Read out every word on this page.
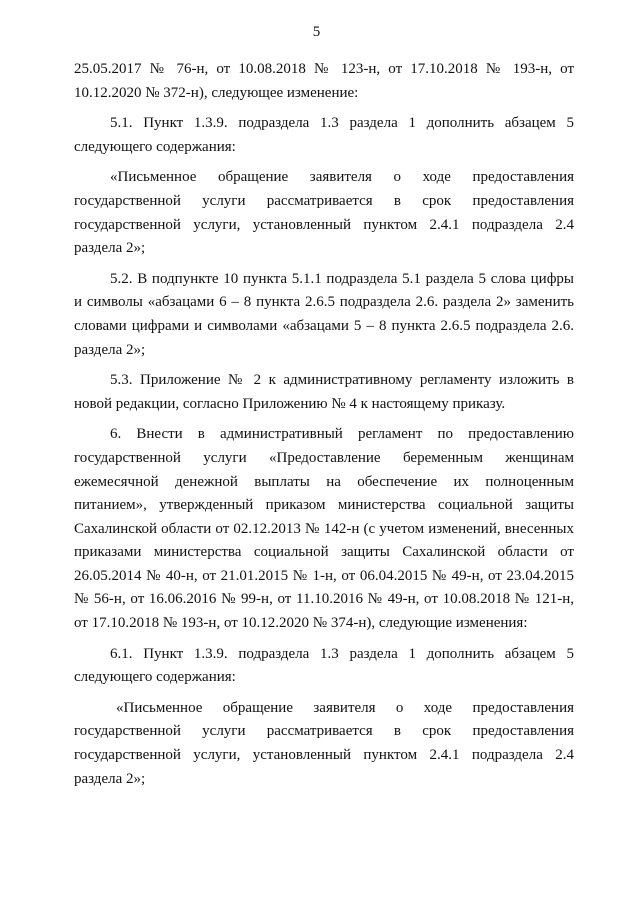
5

25.05.2017 № 76-н, от 10.08.2018 № 123-н, от 17.10.2018 № 193-н, от 10.12.2020 № 372-н), следующее изменение:

5.1. Пункт 1.3.9. подраздела 1.3 раздела 1 дополнить абзацем 5 следующего содержания:

«Письменное обращение заявителя о ходе предоставления государственной услуги рассматривается в срок предоставления государственной услуги, установленный пунктом 2.4.1 подраздела 2.4 раздела 2»;

5.2. В подпункте 10 пункта 5.1.1 подраздела 5.1 раздела 5 слова цифры и символы «абзацами 6 – 8 пункта 2.6.5 подраздела 2.6. раздела 2» заменить словами цифрами и символами «абзацами 5 – 8 пункта 2.6.5 подраздела 2.6. раздела 2»;

5.3. Приложение № 2 к административному регламенту изложить в новой редакции, согласно Приложению № 4 к настоящему приказу.

6. Внести в административный регламент по предоставлению государственной услуги «Предоставление беременным женщинам ежемесячной денежной выплаты на обеспечение их полноценным питанием», утвержденный приказом министерства социальной защиты Сахалинской области от 02.12.2013 № 142-н (с учетом изменений, внесенных приказами министерства социальной защиты Сахалинской области от 26.05.2014 № 40-н, от 21.01.2015 № 1-н, от 06.04.2015 № 49-н, от 23.04.2015 № 56-н, от 16.06.2016 № 99-н, от 11.10.2016 № 49-н, от 10.08.2018 № 121-н, от 17.10.2018 № 193-н, от 10.12.2020 № 374-н), следующие изменения:

6.1. Пункт 1.3.9. подраздела 1.3 раздела 1 дополнить абзацем 5 следующего содержания:

«Письменное обращение заявителя о ходе предоставления государственной услуги рассматривается в срок предоставления государственной услуги, установленный пунктом 2.4.1 подраздела 2.4 раздела 2»;
